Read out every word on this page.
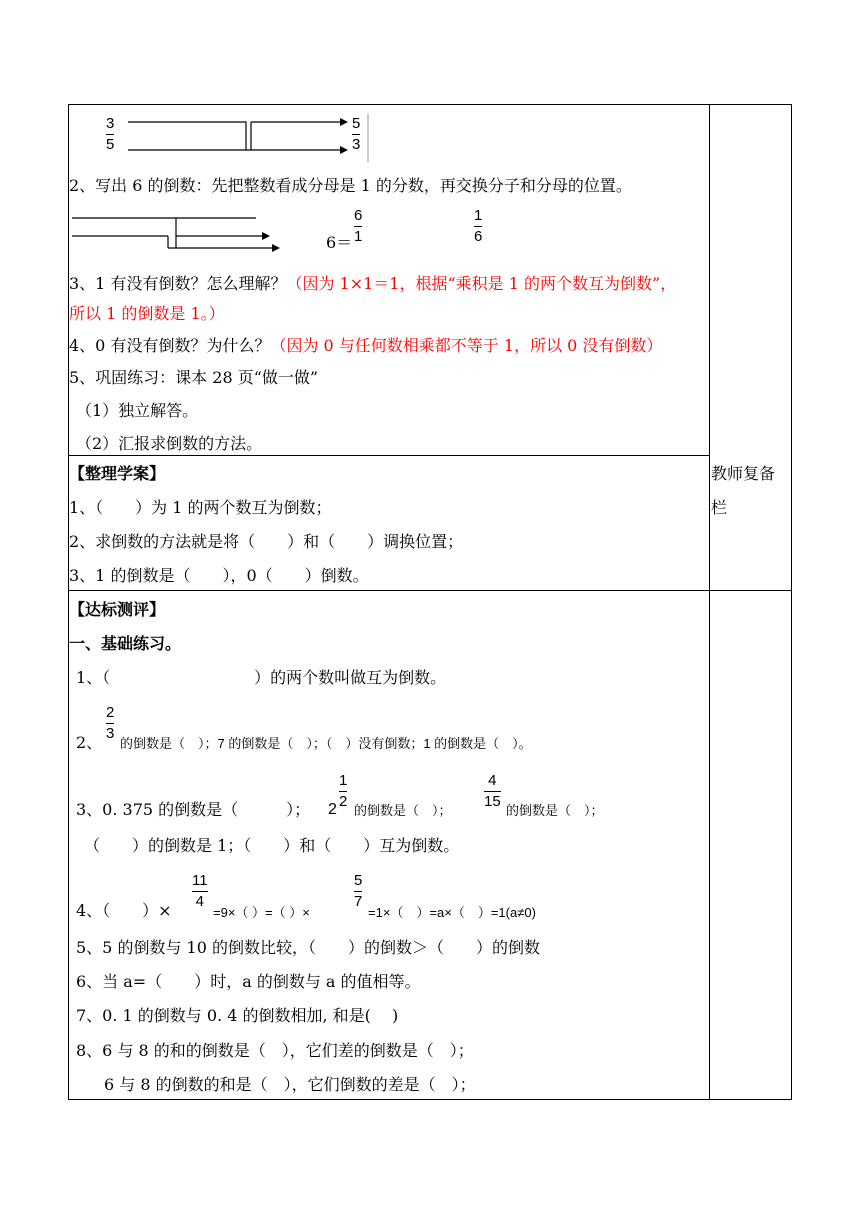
3
5
5
3
2、写出 6 的倒数：先把整数看成分母是 1 的分数，再交换分子和分母的位置。
6＝
6
1
1
6
3、1 有没有倒数？怎么理解？（因为 1×1＝1，根据“乘积是 1 的两个数互为倒数”，
所以 1 的倒数是 1。）
4、0 有没有倒数？为什么？（因为 0 与任何数相乘都不等于 1，所以 0 没有倒数）
5、巩固练习：课本 28 页“做一做”
（1）独立解答。
（2）汇报求倒数的方法。
教师复备
栏
【整理学案】
1、（　　）为 1 的两个数互为倒数；
2、求倒数的方法就是将（　　）和（　　）调换位置；
3、1 的倒数是（　　），0（　　）倒数。
【达标测评】
一、基础练习。
1、（　　　　　　　　　）的两个数叫做互为倒数。
2、
2
3
的倒数是（　）；7 的倒数是（　）；（　）没有倒数；1 的倒数是（　）。
3、0. 375 的倒数是（　　　）； 2
1
2
的倒数是（　）；
4
15
的倒数是（　）；
（　　）的倒数是 1；（　　）和（　　）互为倒数。
4、（　　）×
11
4
=9×（ ）=（ ）×
5
7
=1×（　）=a×（　）=1(a≠0)
5、5 的倒数与 10 的倒数比较，（　　）的倒数＞（　　）的倒数
6、当 a=（　　）时，a 的倒数与 a 的值相等。
7、0. 1 的倒数与 0. 4 的倒数相加, 和是(　 )
8、6 与 8 的和的倒数是（　），它们差的倒数是（　）；
6 与 8 的倒数的和是（　），它们倒数的差是（　）；
